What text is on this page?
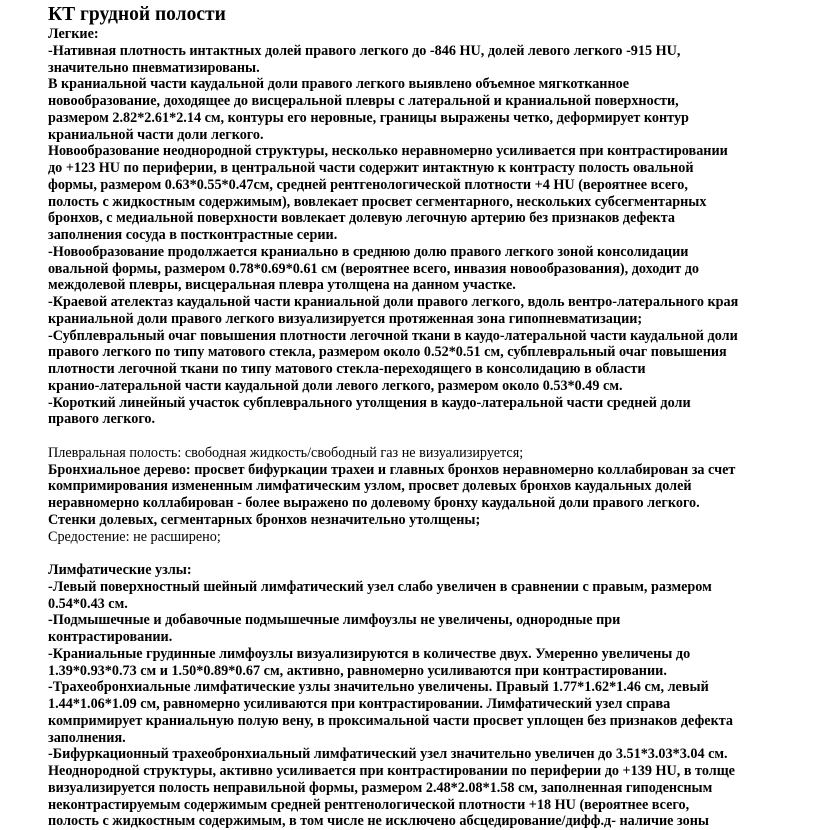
КТ грудной полости
Легкие:
-Нативная плотность интактных долей правого легкого до -846 HU, долей левого легкого -915 HU,
значительно пневматизированы.
В краниальной части каудальной доли правого легкого выявлено объемное мягкотканное
новообразование, доходящее до висцеральной плевры с латеральной и краниальной поверхности,
размером 2.82*2.61*2.14 см, контуры его неровные, границы выражены четко, деформирует контур
краниальной части доли легкого.
Новообразование неоднородной структуры, несколько неравномерно усиливается при контрастировании
до +123 HU по периферии, в центральной части содержит интактную к контрасту полость овальной
формы, размером 0.63*0.55*0.47см, средней рентгенологической плотности +4 HU (вероятнее всего,
полость с жидкостным содержимым), вовлекает просвет сегментарного, нескольких субсегментарных
бронхов, с медиальной поверхности вовлекает долевую легочную артерию без признаков дефекта
заполнения сосуда в постконтрастные серии.
-Новообразование продолжается краниально в среднюю долю правого легкого зоной консолидации
овальной формы, размером 0.78*0.69*0.61 см (вероятнее всего, инвазия новообразования), доходит до
междолевой плевры, висцеральная плевра утолщена на данном участке.
-Краевой ателектаз каудальной части краниальной доли правого легкого, вдоль вентро-латерального края
краниальной доли правого легкого визуализируется протяженная зона гипопневматизации;
-Субплевральный очаг повышения плотности легочной ткани в каудо-латеральной части каудальной доли
правого легкого по типу матового стекла, размером около 0.52*0.51 см, субплевральный очаг повышения
плотности легочной ткани по типу матового стекла-переходящего в консолидацию в области
кранио-латеральной части каудальной доли левого легкого, размером около 0.53*0.49 см.
-Короткий линейный участок субплеврального утолщения в каудо-латеральной части средней доли
правого легкого.
Плевральная полость: свободная жидкость/свободный газ не визуализируется;
Бронхиальное дерево: просвет бифуркации трахеи и главных бронхов неравномерно коллабирован за счет
компримирования измененным лимфатическим узлом, просвет долевых бронхов каудальных долей
неравномерно коллабирован - более выражено по долевому бронху каудальной доли правого легкого.
Стенки долевых, сегментарных бронхов незначительно утолщены;
Средостение: не расширено;
Лимфатические узлы:
-Левый поверхностный шейный лимфатический узел слабо увеличен в сравнении с правым, размером
0.54*0.43 см.
-Подмышечные и добавочные подмышечные лимфоузлы не увеличены, однородные при
контрастировании.
-Краниальные грудинные лимфоузлы визуализируются в количестве двух. Умеренно увеличены до
1.39*0.93*0.73 см и 1.50*0.89*0.67 см, активно, равномерно усиливаются при контрастировании.
-Трахеобронхиальные лимфатические узлы значительно увеличены. Правый 1.77*1.62*1.46 см, левый
1.44*1.06*1.09 см, равномерно усиливаются при контрастировании. Лимфатический узел справа
компримирует краниальную полую вену, в проксимальной части просвет уплощен без признаков дефекта
заполнения.
-Бифуркационный трахеобронхиальный лимфатический узел значительно увеличен до 3.51*3.03*3.04 см.
Неоднородной структуры, активно усиливается при контрастировании по периферии до +139 HU, в толще
визуализируется полость неправильной формы, размером 2.48*2.08*1.58 см, заполненная гиподенсным
неконтрастируемым содержимым средней рентгенологической плотности +18 HU (вероятнее всего,
полость с жидкостным содержимым, в том числе не исключено абсцедирование/дифф.д- наличие зоны
